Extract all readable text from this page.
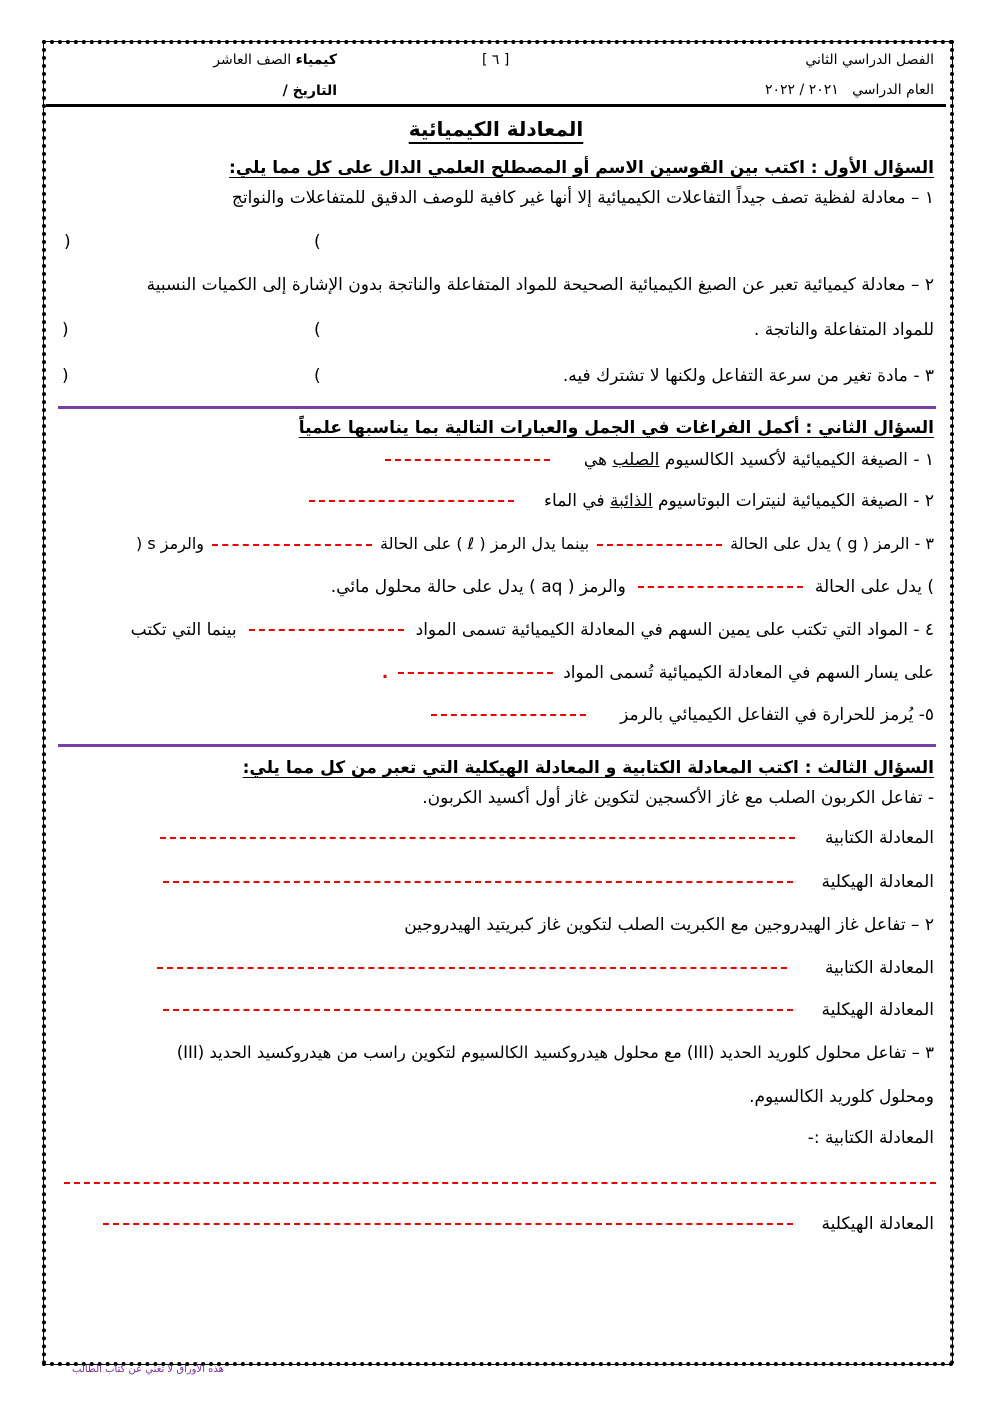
الفصل الدراسي الثاني
العام الدراسي   ٢٠٢١ / ٢٠٢٢
[ ٦ ]
كيمياء الصف العاشر
التاريخ /
المعادلة الكيميائية
السؤال الأول : اكتب بين القوسين الاسم أو المصطلح العلمي الدال على كل مما يلي:
١ – معادلة لفظية تصف جيداً التفاعلات الكيميائية إلا أنها غير كافية للوصف الدقيق للمتفاعلات والنواتج
)
(
٢ – معادلة كيميائية تعبر عن الصيغ الكيميائية الصحيحة للمواد المتفاعلة والناتجة بدون الإشارة إلى الكميات النسبية
للمواد المتفاعلة والناتجة .
)
(
٣ - مادة تغير من سرعة التفاعل ولكنها لا تشترك فيه.
)
(
السؤال الثاني : أكمل الفراغات في الجمل والعبارات التالية بما يناسبها علمياً
١ - الصيغة الكيميائية لأكسيد الكالسيوم الصلب هي
٢ - الصيغة الكيميائية لنيترات البوتاسيوم الذائبة في الماء
٣ - الرمز ( g ) يدل على الحالةبينما يدل الرمز ( ℓ ) على الحالةوالرمز s (
) يدل على الحالةوالرمز ( aq ) يدل على حالة محلول مائي.
٤ - المواد التي تكتب على يمين السهم في المعادلة الكيميائية تسمى الموادبينما التي تكتب
على يسار السهم في المعادلة الكيميائية تُسمى المواد.
٥- يُرمز للحرارة في التفاعل الكيميائي بالرمز
السؤال الثالث : اكتب المعادلة الكتابية و المعادلة الهيكلية التي تعبر من كل مما يلي:
- تفاعل الكربون الصلب مع غاز الأكسجين لتكوين غاز أول أكسيد الكربون.
المعادلة الكتابية
المعادلة الهيكلية
٢ – تفاعل غاز الهيدروجين مع الكبريت الصلب لتكوين غاز كبريتيد الهيدروجين
المعادلة الكتابية
المعادلة الهيكلية
٣ – تفاعل محلول كلوريد الحديد (III) مع محلول هيدروكسيد الكالسيوم لتكوين راسب من هيدروكسيد الحديد (III)
ومحلول كلوريد الكالسيوم.
المعادلة الكتابية :-
المعادلة الهيكلية
هذه الأوراق لا تغني عن كتاب الطالب
